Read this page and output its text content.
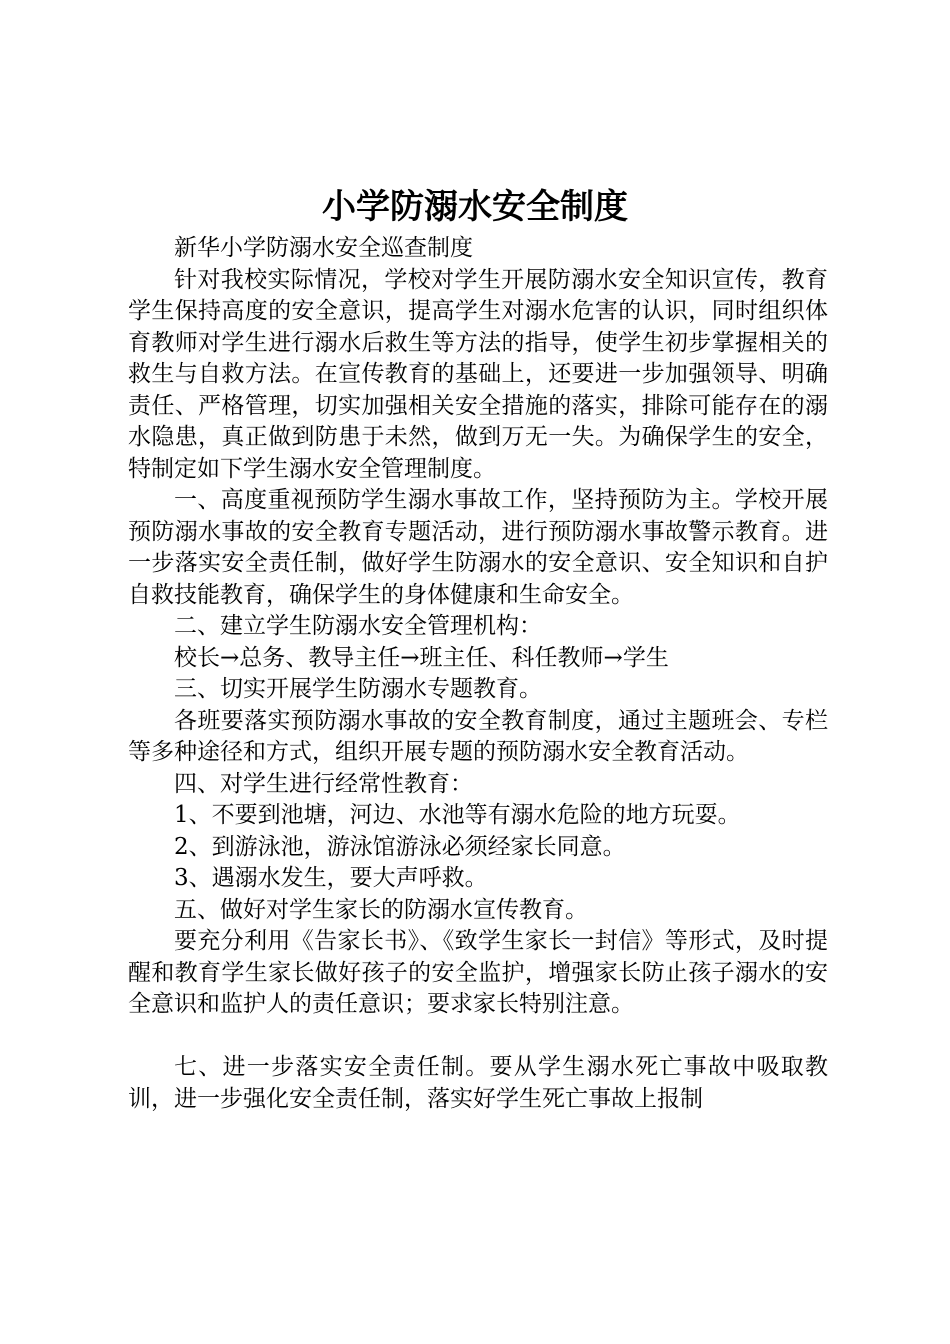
小学防溺水安全制度

新华小学防溺水安全巡查制度

针对我校实际情况，学校对学生开展防溺水安全知识宣传，教育学生保持高度的安全意识，提高学生对溺水危害的认识，同时组织体育教师对学生进行溺水后救生等方法的指导，使学生初步掌握相关的救生与自救方法。在宣传教育的基础上，还要进一步加强领导、明确责任、严格管理，切实加强相关安全措施的落实，排除可能存在的溺水隐患，真正做到防患于未然，做到万无一失。为确保学生的安全，特制定如下学生溺水安全管理制度。

一、高度重视预防学生溺水事故工作，坚持预防为主。学校开展预防溺水事故的安全教育专题活动，进行预防溺水事故警示教育。进一步落实安全责任制，做好学生防溺水的安全意识、安全知识和自护自救技能教育，确保学生的身体健康和生命安全。

二、建立学生防溺水安全管理机构：

校长→总务、教导主任→班主任、科任教师→学生

三、切实开展学生防溺水专题教育。

各班要落实预防溺水事故的安全教育制度，通过主题班会、专栏等多种途径和方式，组织开展专题的预防溺水安全教育活动。

四、对学生进行经常性教育：

1、不要到池塘，河边、水池等有溺水危险的地方玩耍。

2、到游泳池，游泳馆游泳必须经家长同意。

3、遇溺水发生，要大声呼救。

五、做好对学生家长的防溺水宣传教育。

要充分利用《告家长书》、《致学生家长一封信》等形式，及时提醒和教育学生家长做好孩子的安全监护，增强家长防止孩子溺水的安全意识和监护人的责任意识；要求家长特别注意。

七、进一步落实安全责任制。要从学生溺水死亡事故中吸取教训，进一步强化安全责任制，落实好学生死亡事故上报制
